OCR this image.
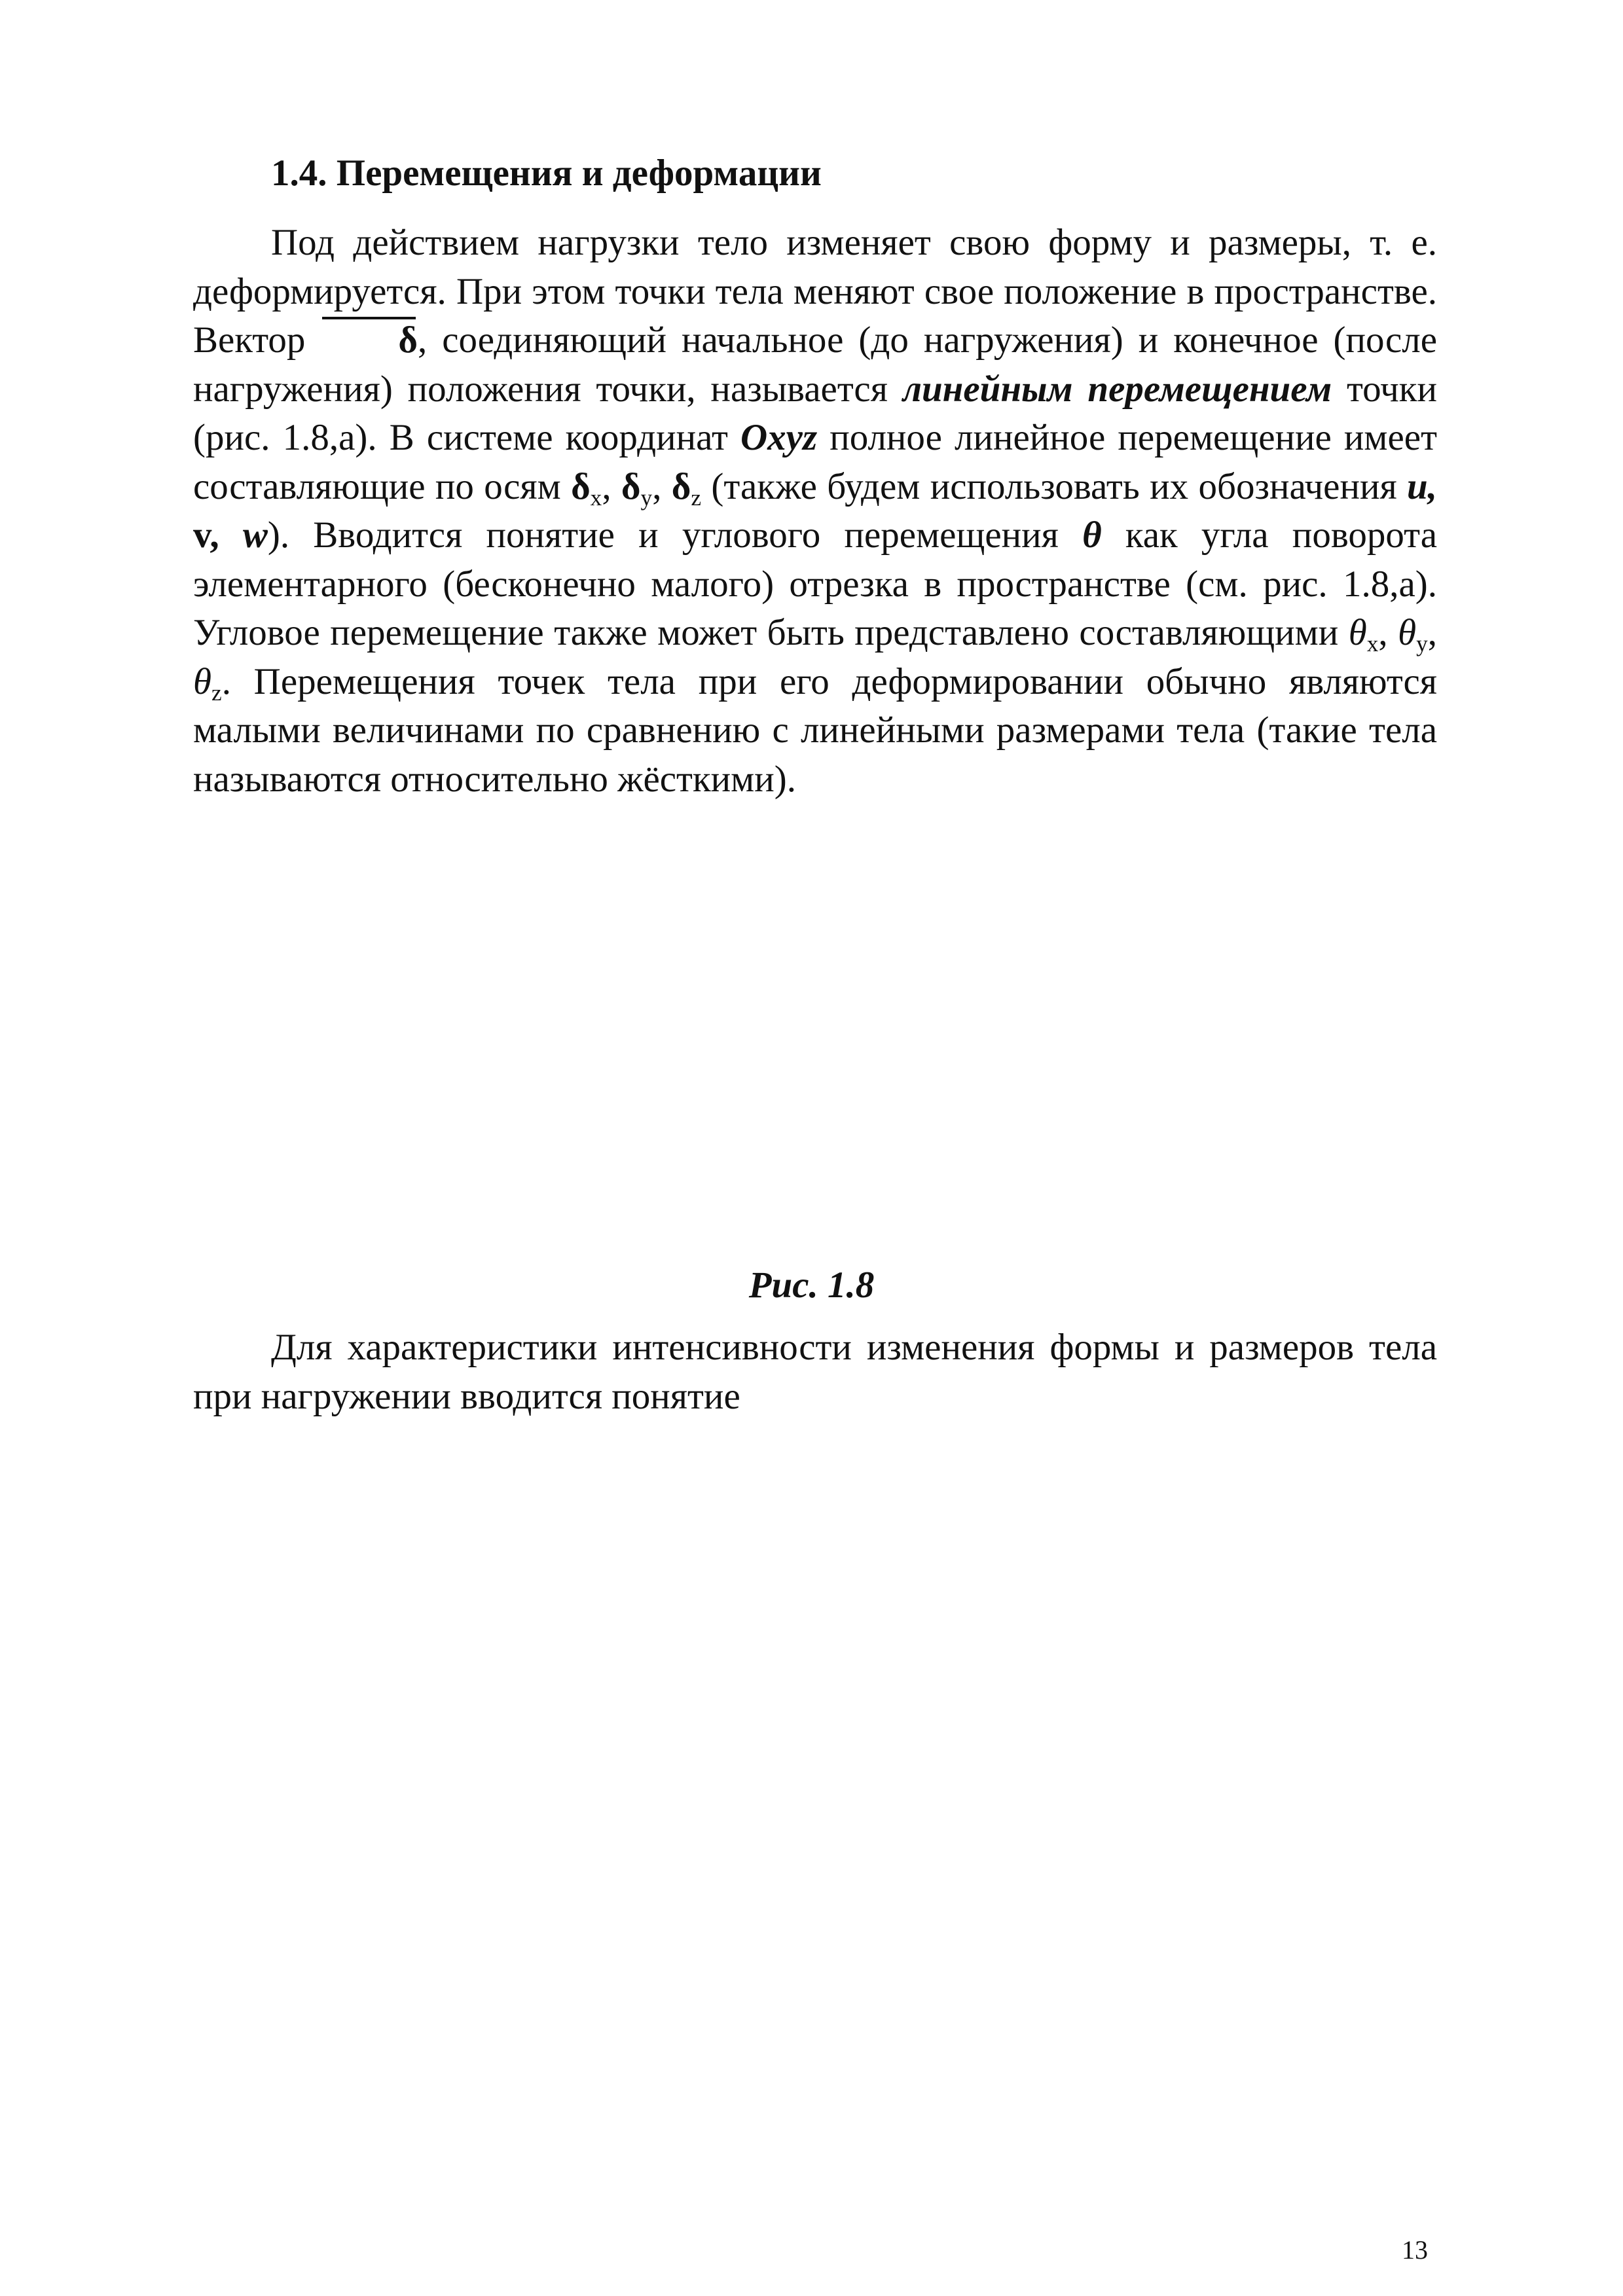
1.4. Перемещения и деформации

Под действием нагрузки тело изменяет свою форму и размеры, т. е. деформируется. При этом точки тела меняют свое положение в пространстве. Вектор δ, соединяющий начальное (до нагружения) и конечное (после нагружения) положения точки, называется линейным перемещением точки (рис. 1.8,а). В системе координат Oxyz полное линейное перемещение имеет составляющие по осям $\delta_x$, $\delta_y$, $\delta_z$ (также будем использовать их обозначения u, v, w). Вводится понятие и углового перемещения θ как угла поворота элементарного (бесконечно малого) отрезка в пространстве (см. рис. 1.8,а). Угловое перемещение также может быть представлено составляющими $\theta_x$, $\theta_y$, $\theta_z$. Перемещения точек тела при его деформировании обычно являются малыми величинами по сравнению с линейными размерами тела (такие тела называются относительно жёсткими).

Рис. 1.8

Для характеристики интенсивности изменения формы и размеров тела при нагружении вводится понятие

13
